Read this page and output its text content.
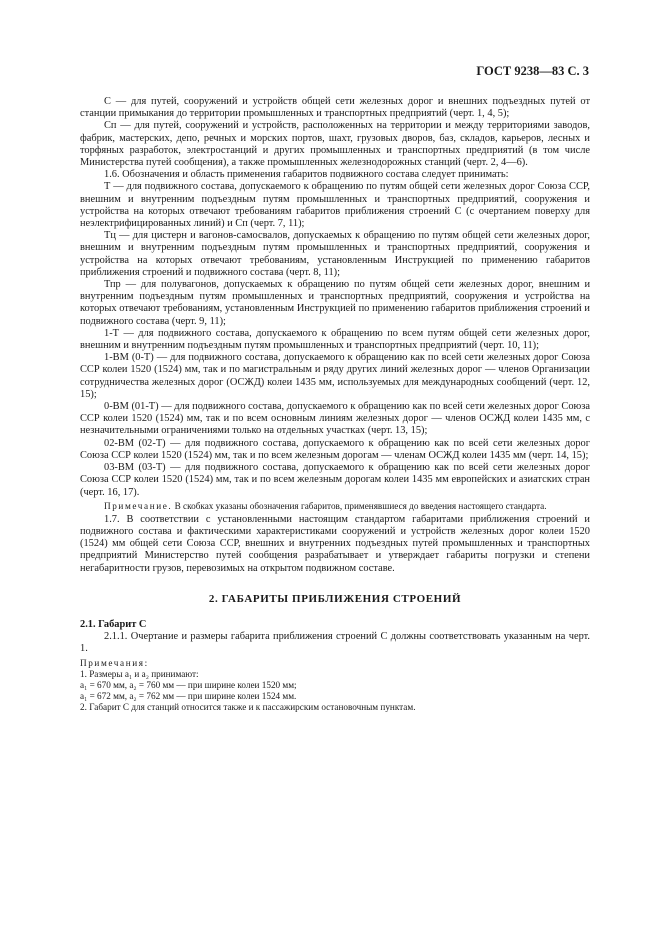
ГОСТ 9238—83 С. 3

С — для путей, сооружений и устройств общей сети железных дорог и внешних подъездных путей от станции примыкания до территории промышленных и транспортных предприятий (черт. 1, 4, 5);

Сп — для путей, сооружений и устройств, расположенных на территории и между территориями заводов, фабрик, мастерских, депо, речных и морских портов, шахт, грузовых дворов, баз, складов, карьеров, лесных и торфяных разработок, электростанций и других промышленных и транспортных предприятий (в том числе Министерства путей сообщения), а также промышленных железнодорожных станций (черт. 2, 4—6).

1.6. Обозначения и область применения габаритов подвижного состава следует принимать:

Т — для подвижного состава, допускаемого к обращению по путям общей сети железных дорог Союза ССР, внешним и внутренним подъездным путям промышленных и транспортных предприятий, сооружения и устройства на которых отвечают требованиям габаритов приближения строений С (с очертанием поверху для неэлектрифицированных линий) и Сп (черт. 7, 11);

Тц — для цистерн и вагонов-самосвалов, допускаемых к обращению по путям общей сети железных дорог, внешним и внутренним подъездным путям промышленных и транспортных предприятий, сооружения и устройства на которых отвечают требованиям, установленным Инструкцией по применению габаритов приближения строений и подвижного состава (черт. 8, 11);

Тпр — для полувагонов, допускаемых к обращению по путям общей сети железных дорог, внешним и внутренним подъездным путям промышленных и транспортных предприятий, сооружения и устройства на которых отвечают требованиям, установленным Инструкцией по применению габаритов приближения строений и подвижного состава (черт. 9, 11);

1-Т — для подвижного состава, допускаемого к обращению по всем путям общей сети железных дорог, внешним и внутренним подъездным путям промышленных и транспортных предприятий (черт. 10, 11);

1-ВМ (0-Т) — для подвижного состава, допускаемого к обращению как по всей сети железных дорог Союза ССР колеи 1520 (1524) мм, так и по магистральным и ряду других линий железных дорог — членов Организации сотрудничества железных дорог (ОСЖД) колеи 1435 мм, используемых для международных сообщений (черт. 12, 15);

0-ВМ (01-Т) — для подвижного состава, допускаемого к обращению как по всей сети железных дорог Союза ССР колеи 1520 (1524) мм, так и по всем основным линиям железных дорог — членов ОСЖД колеи 1435 мм, с незначительными ограничениями только на отдельных участках (черт. 13, 15);

02-ВМ (02-Т) — для подвижного состава, допускаемого к обращению как по всей сети железных дорог Союза ССР колеи 1520 (1524) мм, так и по всем железным дорогам — членам ОСЖД колеи 1435 мм (черт. 14, 15);

03-ВМ (03-Т) — для подвижного состава, допускаемого к обращению как по всей сети железных дорог Союза ССР колеи 1520 (1524) мм, так и по всем железным дорогам колеи 1435 мм европейских и азиатских стран (черт. 16, 17).

Примечание. В скобках указаны обозначения габаритов, применявшиеся до введения настоящего стандарта.

1.7. В соответствии с установленными настоящим стандартом габаритами приближения строений и подвижного состава и фактическими характеристиками сооружений и устройств железных дорог колеи 1520 (1524) мм общей сети Союза ССР, внешних и внутренних подъездных путей промышленных и транспортных предприятий Министерство путей сообщения разрабатывает и утверждает габариты погрузки и степени негабаритности грузов, перевозимых на открытом подвижном составе.

2. ГАБАРИТЫ ПРИБЛИЖЕНИЯ СТРОЕНИЙ

2.1. Габарит С

2.1.1. Очертание и размеры габарита приближения строений С должны соответствовать указанным на черт. 1.

Примечания:
1. Размеры a₁ и a₂ принимают:
a₁ = 670 мм, a₂ = 760 мм — при ширине колеи 1520 мм;
a₁ = 672 мм, a₂ = 762 мм — при ширине колеи 1524 мм.
2. Габарит С для станций относится также и к пассажирским остановочным пунктам.
